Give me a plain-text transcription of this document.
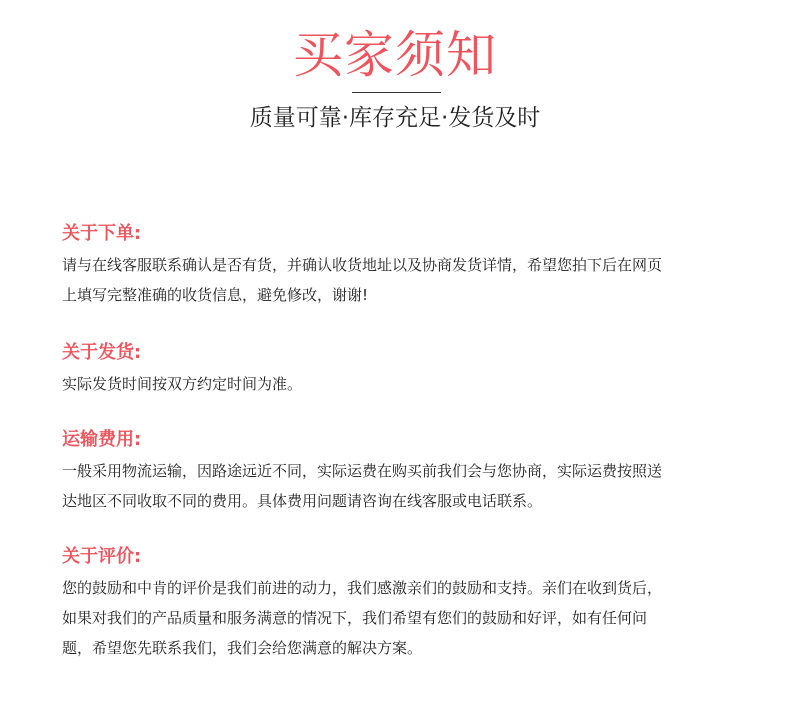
买家须知

质量可靠·库存充足·发货及时

关于下单:

请与在线客服联系确认是否有货，并确认收货地址以及协商发货详情，希望您拍下后在网页
上填写完整准确的收货信息，避免修改，谢谢!

关于发货:

实际发货时间按双方约定时间为准。

运输费用:

一般采用物流运输，因路途远近不同，实际运费在购买前我们会与您协商，实际运费按照送
达地区不同收取不同的费用。具体费用问题请咨询在线客服或电话联系。

关于评价:

您的鼓励和中肯的评价是我们前进的动力，我们感激亲们的鼓励和支持。亲们在收到货后，
如果对我们的产品质量和服务满意的情况下，我们希望有您们的鼓励和好评，如有任何问
题，希望您先联系我们，我们会给您满意的解决方案。
